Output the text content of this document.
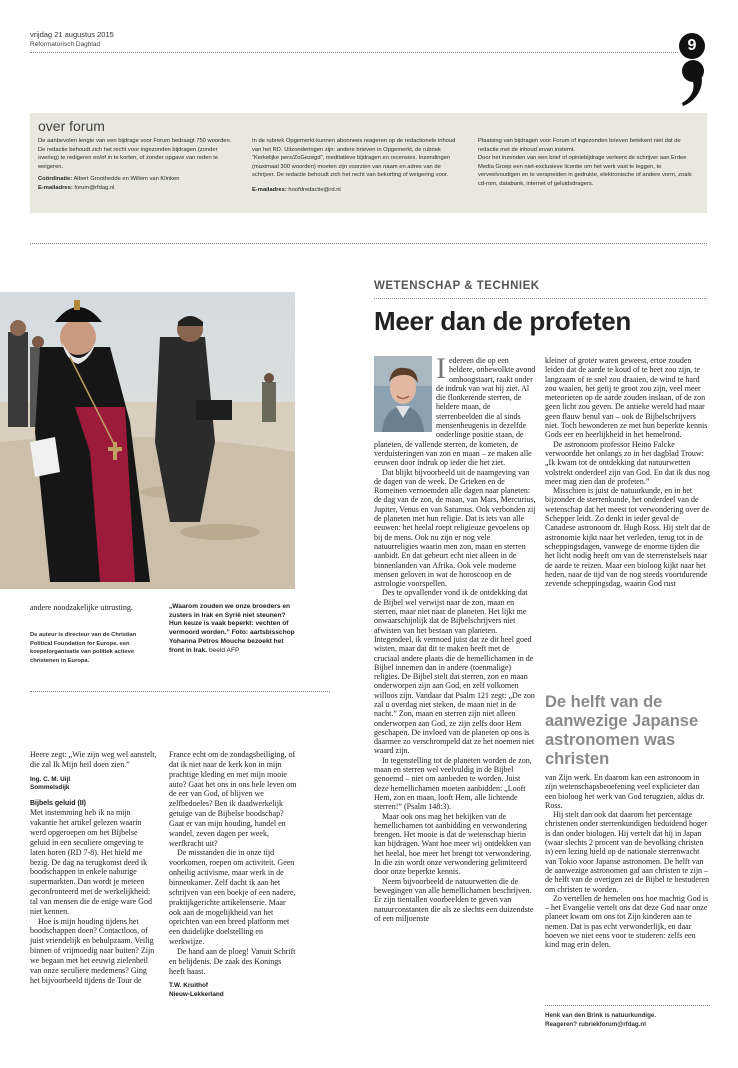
vrijdag 21 augustus 2015
Reformatorisch Dagblad	9
over forum
De aanbevolen lengte van een bijdrage voor Forum bedraagt 750 woorden. De redactie behoudt zich het recht voor ingezonden bijdragen (zonder overleg) te redigeren en/of in te korten, of zonder opgave van reden te weigeren.
Coördinatie: Albert Groothedde en Willem van Klinken
E-mailadres: forum@rfdag.nl
In de rubriek Opgemerkt kunnen abonnees reageren op de redactionele inhoud van het RD. Uitzonderingen zijn: andere brieven in Opgemerkt, de rubriek “Kerkelijke pers/ZoGezegd”, meditatieve bijdragen en recensies. Inzendingen (maximaal 300 woorden) moeten zijn voorzien van naam en adres van de schrijver. De redactie behoudt zich het recht van bekorting of weigering voor.
E-mailadres: hoofdredactie@rd.nl
Plaatsing van bijdragen voor Forum of ingezonden brieven betekent niet dat de redactie met de inhoud ervan instemt.
Door het inzenden van een brief of opiniebijdrage verleent de schrijver aan Erdee Media Groep een niet-exclusieve licentie om het werk vast te leggen, te verveelvoudigen en te verspreiden in gedrukte, elektronische of andere vorm, zoals cd-rom, databank, internet of geluidsdragers.
andere noodzakelijke uitrusting.
De auteur is directeur van de Christian Political Foundation for Europe, een koepelorganisatie van politiek actieve christenen in Europa.
„Waarom zouden we onze broeders en zusters in Irak en Syrië niet steunen? Hun keuze is vaak beperkt: vechten of vermoord worden.” Foto: aartsbisschop Yohanna Petros Mouche bezoekt het front in Irak. beeld AFP

Heere zegt: „Wie zijn weg wel aanstelt, die zal Ik Mijn heil doen zien.”

Ing. C. M. Uijl
Sommelsdijk
Bijbels geluid (II)

Met instemming heb ik na mijn vakantie het artikel gelezen waarin werd opgeroepen om het Bijbelse geluid in een seculiere omgeving te laten horen (RD 7-8). Het hield me bezig. De dag na terugkomst deed ik boodschappen in enkele naburige supermarkten. Dan wordt je meteen geconfronteerd met de werkelijkheid: tal van mensen die de enige ware God niet kennen.

Hoe is mijn houding tijdens het boodschappen doen? Contactloos, of juist vriendelijk en behulpzaam. Veilig binnen of vrijmoedig naar buiten? Zijn we begaan met het eeuwig zielenheil van onze seculiere medemens? Ging het bijvoorbeeld tijdens de Tour de

France echt om de zondagsbeiliging, of dat ik niet naar de kerk kon in mijn prachtige kleding en met mijn mooie auto? Gaat het ons in ons hele leven om de eer van God, of blijven we zelfbedoeles? Ben ik daadwerkelijk getuige van de Bijbelse boodschap? Gaat er van mijn houding, handel en wandel, zeven dagen per week, werfkracht uit?

De misstanden die in onze tijd voorkomen, roepen om activiteit. Geen onheilig activisme, maar werk in de binnenkamer. Zelf dacht ik aan het schrijven van een boekje of een nadere, praktijkgerichte artikelenserie. Maar ook aan de mogelijkheid van het oprichten van een breed platform met een duidelijke doelstelling en werkwijze.

De hand aan de ploeg! Vanuit Schrift en belijdenis. De zaak des Konings heeft haast.

T.W. Kruithof
Nieuw-Lekkerland
WETENSCHAP & TECHNIEK
Meer dan de profeten

Iedereen die op een heldere, onbewolkte avond omhoogstaart, raakt onder de indruk van wat hij ziet. Al die flonkerende sterren, de heldere maan, de sterrenbeelden die al sinds mensenheugenis in dezelfde onderlinge positie staan, de planeten, de vallende sterren, de kometen, de verduisteringen van zon en maan – ze maken alle eeuwen door indruk op ieder die het ziet.

Dat blijkt bijvoorbeeld uit de naamgeving van de dagen van de week. De Grieken en de Romeinen vernoemden alle dagen naar planeten: de dag van de zon, de maan, van Mars, Mercurius, Jupiter, Venus en van Saturnus. Ook verbonden zij de planeten met hun religie. Dat is iets van alle eeuwen: het heelal roept religieuze gevoelens op bij de mens. Ook nu zijn er nog vele natuurreligies waarin men zon, maan en sterren aanbidt. En dat gebeurt echt niet alleen in de binnenlanden van Afrika. Ook vele moderne mensen geloven in wat de horoscoop en de astrologie voorspellen.

Des te opvallender vond ik de ontdekking dat de Bijbel wel verwijst naar de zon, maan en sterren, maar niet naar de planeten. Het lijkt me onwaarschijnlijk dat de Bijbelschrijvers niet afwisten van het bestaan van planeten. Integendeel, ik vermoed juist dat ze dit heel goed wisten, maar dat dit te maken heeft met de cruciaal andere plaats die de hemellichamen in de Bijbel innemen dan in andere (toenmalige) religies. De Bijbel stelt dat sterren, zon en maan onderworpen zijn aan God, en zelf volkomen willoos zijn. Vandaar dat Psalm 121 zegt: „De zon zal u overdag niet steken, de maan niet in de nacht.” Zon, maan en sterren zijn niet alleen onderworpen aan God, ze zijn zelfs door Hem geschapen. De invloed van de planeten op ons is daarmee zo verschrompeld dat ze het noemen niet waard zijn.

In tegenstelling tot de planeten worden de zon, maan en sterren wel veelvuldig in de Bijbel genoemd – niet om aanbeden te worden. Juist deze hemellichamen moeten aanbidden: „Looft Hem, zon en maan, looft Hem, alle lichtende sterren!” (Psalm 148:3).

Maar ook ons mag het bekijken van de hemellichamen tot aanbidding en verwondering brengen. Het mooie is dat de wetenschap hierin kan bijdragen. Want hoe meer wij ontdekken van het heelal, hoe meer het brengt tot verwondering. In die zin wordt onze verwondering gelimiteerd door onze beperkte kennis.

Neem bijvoorbeeld de natuurwetten die de bewegingen van alle hemellichamen beschrijven. Er zijn tientallen voorbeelden te geven van natuurconstanten die als ze slechts een duizendste of een miljoenste

kleiner of groter waren geweest, ertoe zouden leiden dat de aarde te koud of te heet zou zijn, te langzaam of te snel zou draaien, de wind te hard zou waaien, het getij te groot zou zijn, veel meer meteorieten op de aarde zouden inslaan, of de zon geen licht zou geven. De antieke wereld had maar geen flauw benul van – ook de Bijbelschrijvers niet. Toch bewonderen ze met hun beperkte kennis Gods eer en heerlijkheid in het hemelrond.

De astronoom professor Heino Falcke verwoordde het onlangs zo in het dagblad Trouw: „Ik kwam tot de ontdekking dat natuurwetten volstrekt onderdeel zijn van God. En dat ik dus nog meer mag zien dan de profeten.”

Misschien is juist de natuurkunde, en in het bijzonder de sterrenkunde, het onderdeel van de wetenschap dat het meest tot verwondering over de Schepper leidt. Zo denkt in ieder geval de Canadese astronoom dr. Hugh Ross. Hij stelt dat de astronomie kijkt naar het verleden, terug tot in de scheppingsdagen, vanwege de enorme tijden die het licht nodig heeft om van de sterrenstelsels naar de aarde te reizen. Maar een bioloog kijkt naar het heden, naar de tijd van de nog steeds voortdurende zevende scheppingsdag, waarin God rust

De helft van de aanwezige Japanse astronomen was christen

van Zijn werk. En daarom kan een astronoom in zijn wetenschapsbeoefening veel explicieter dan een bioloog het werk van God terugzien, aldus dr. Ross.

Hij stelt dan ook dat daarom het percentage christenen onder sterrenkundigen beduidend hoger is dan onder biologen. Hij vertelt dat hij in Japan (waar slechts 2 procent van de bevolking christen is) een lezing hield op de nationale sterrenwacht van Tokio voor Japanse astronomen. De helft van de aanwezige astronomen gaf aan christen te zijn – de helft van de overigen zei de Bijbel te bestuderen om christen te worden.

Zo vertellen de hemelen ons hoe machtig God is – het Evangelie vertelt ons dat deze God naar onze planeet kwam om ons tot Zijn kinderen aan te nemen. Dat is pas echt verwonderlijk, en daar hoeven we niet eens voor te studeren: zelfs een kind mag erin delen.

Henk van den Brink is natuurkundige.
Reageren? rubriekforum@rfdag.nl
